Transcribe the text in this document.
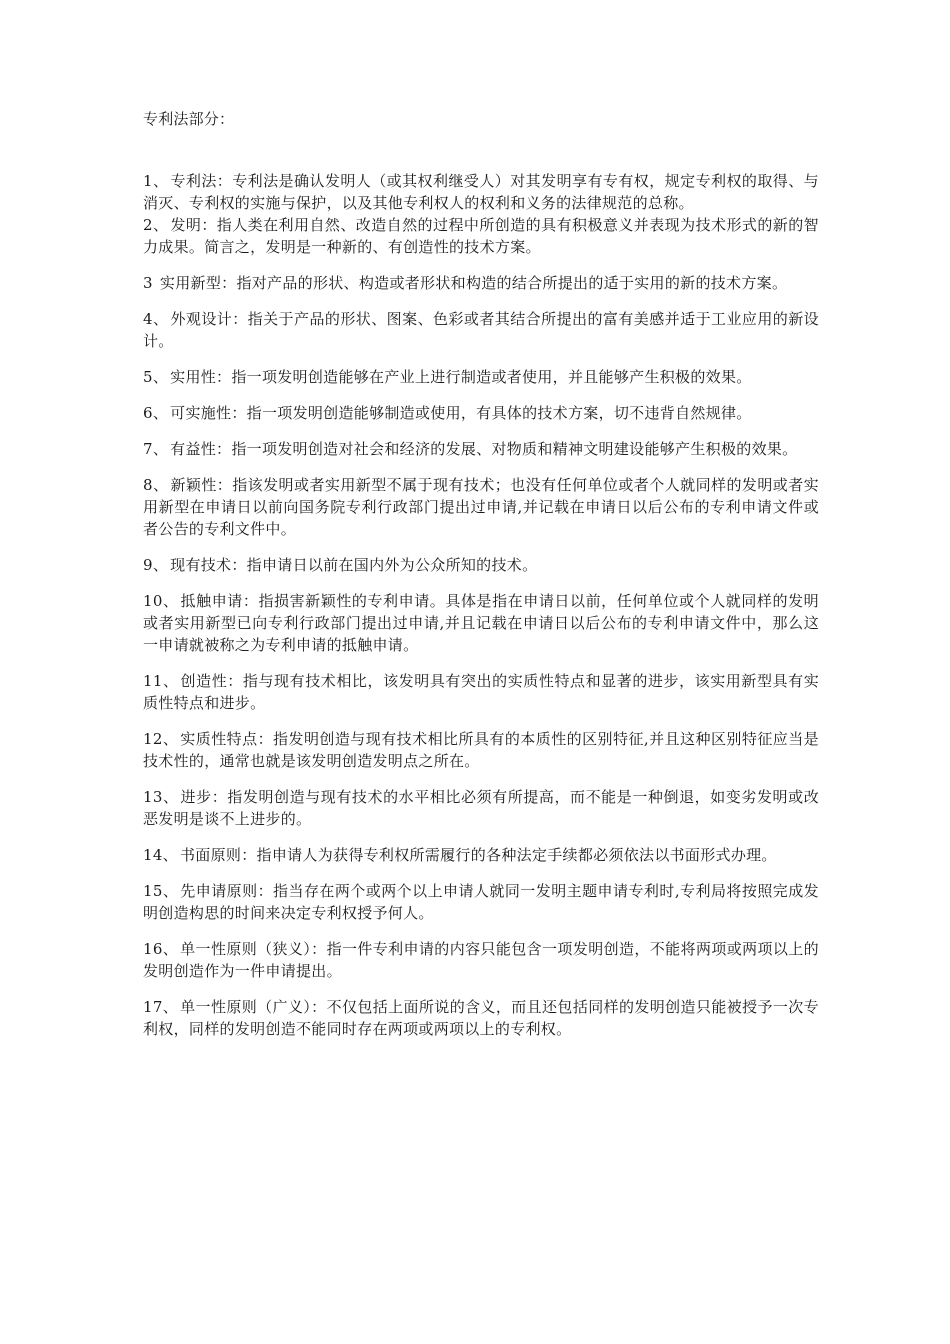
专利法部分：

1、 专利法：专利法是确认发明人（或其权利继受人）对其发明享有专有权，规定专利权的取得、与消灭、专利权的实施与保护，以及其他专利权人的权利和义务的法律规范的总称。

2、 发明：指人类在利用自然、改造自然的过程中所创造的具有积极意义并表现为技术形式的新的智力成果。简言之，发明是一种新的、有创造性的技术方案。

3 实用新型：指对产品的形状、构造或者形状和构造的结合所提出的适于实用的新的技术方案。

4、 外观设计：指关于产品的形状、图案、色彩或者其结合所提出的富有美感并适于工业应用的新设计。

5、 实用性：指一项发明创造能够在产业上进行制造或者使用，并且能够产生积极的效果。

6、 可实施性：指一项发明创造能够制造或使用，有具体的技术方案，切不违背自然规律。

7、 有益性：指一项发明创造对社会和经济的发展、对物质和精神文明建设能够产生积极的效果。

8、 新颖性：指该发明或者实用新型不属于现有技术；也没有任何单位或者个人就同样的发明或者实用新型在申请日以前向国务院专利行政部门提出过申请,并记载在申请日以后公布的专利申请文件或者公告的专利文件中。

9、 现有技术：指申请日以前在国内外为公众所知的技术。

10、 抵触申请：指损害新颖性的专利申请。具体是指在申请日以前，任何单位或个人就同样的发明或者实用新型已向专利行政部门提出过申请,并且记载在申请日以后公布的专利申请文件中，那么这一申请就被称之为专利申请的抵触申请。

11、 创造性：指与现有技术相比，该发明具有突出的实质性特点和显著的进步，该实用新型具有实质性特点和进步。

12、 实质性特点：指发明创造与现有技术相比所具有的本质性的区别特征,并且这种区别特征应当是技术性的，通常也就是该发明创造发明点之所在。

13、 进步：指发明创造与现有技术的水平相比必须有所提高，而不能是一种倒退，如变劣发明或改恶发明是谈不上进步的。

14、 书面原则：指申请人为获得专利权所需履行的各种法定手续都必须依法以书面形式办理。

15、 先申请原则：指当存在两个或两个以上申请人就同一发明主题申请专利时,专利局将按照完成发明创造构思的时间来决定专利权授予何人。

16、 单一性原则（狭义）：指一件专利申请的内容只能包含一项发明创造，不能将两项或两项以上的发明创造作为一件申请提出。

17、 单一性原则（广义）：不仅包括上面所说的含义，而且还包括同样的发明创造只能被授予一次专利权，同样的发明创造不能同时存在两项或两项以上的专利权。
